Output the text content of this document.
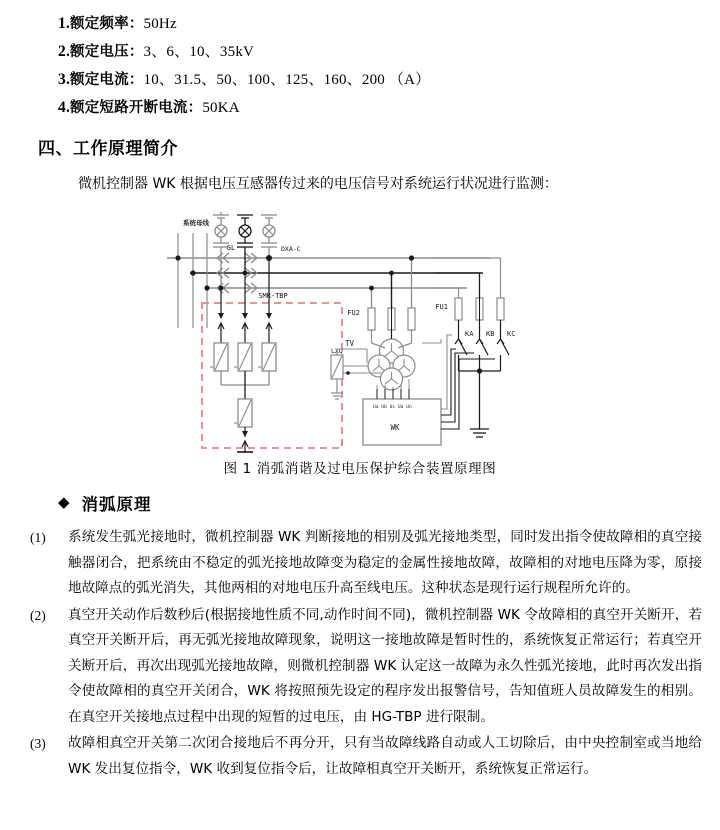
1.额定频率：50Hz
2.额定电压：3、6、10、35kV
3.额定电流：10、31.5、50、100、125、160、200 （A）
4.额定短路开断电流：50KA
四、工作原理简介
微机控制器 WK 根据电压互感器传过来的电压信号对系统运行状况进行监测：
GL	DXA-C
SMR-TBP
FU2
TV
LXQ
Ua Ub Uc Ua Un
WK
FU1
KA KB KC
系统母线
图 1 消弧消谐及过电压保护综合装置原理图
◆ 消弧原理
(1)	系统发生弧光接地时，微机控制器 WK 判断接地的相别及弧光接地类型，同时发出指令使故障相的真空接触器闭合，把系统由不稳定的弧光接地故障变为稳定的金属性接地故障，故障相的对地电压降为零，原接地故障点的弧光消失，其他两相的对地电压升高至线电压。这种状态是现行运行规程所允许的。
(2)	真空开关动作后数秒后(根据接地性质不同,动作时间不同)，微机控制器 WK 令故障相的真空开关断开，若真空开关断开后，再无弧光接地故障现象，说明这一接地故障是暂时性的，系统恢复正常运行；若真空开关断开后，再次出现弧光接地故障，则微机控制器 WK 认定这一故障为永久性弧光接地，此时再次发出指令使故障相的真空开关闭合，WK 将按照预先设定的程序发出报警信号，告知值班人员故障发生的相别。在真空开关接地点过程中出现的短暂的过电压，由 HG-TBP 进行限制。
(3)	故障相真空开关第二次闭合接地后不再分开，只有当故障线路自动或人工切除后，由中央控制室或当地给 WK 发出复位指令，WK 收到复位指令后，让故障相真空开关断开，系统恢复正常运行。
